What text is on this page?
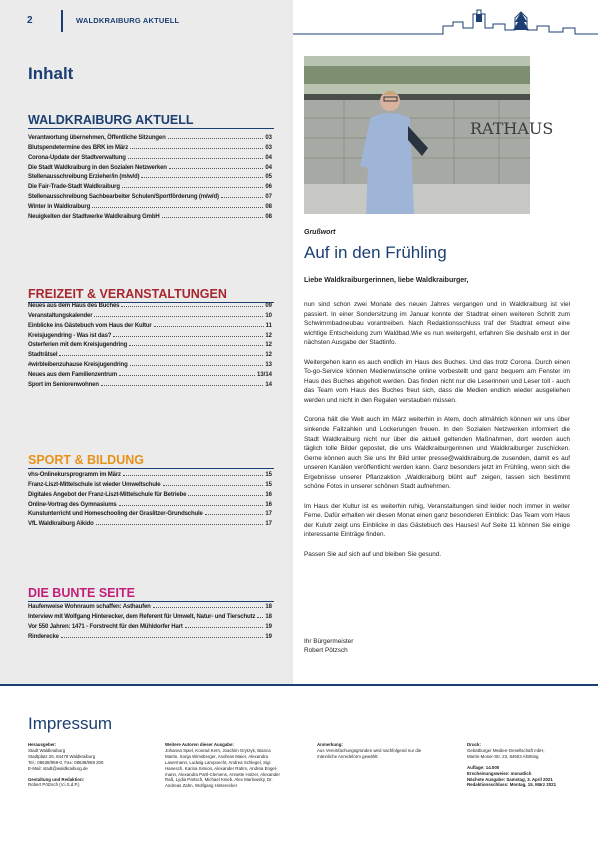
2	WALDKRAIBURG AKTUELL
Inhalt
WALDKRAIBURG AKTUELL
Verantwortung übernehmen, Öffentliche Sitzungen	03
Blutspendetermine des BRK im März	03
Corona-Update der Stadtverwaltung	04
Die Stadt Waldkraiburg in den Sozialen Netzwerken	04
Stellenausschreibung Erzieher/in (m/w/d)	05
Die Fair-Trade-Stadt Waldkraiburg	06
Stellenausschreibung Sachbearbeiter Schulen/Sportförderung (m/w/d)	07
Winter in Waldkraiburg	08
Neuigkeiten der Stadtwerke Waldkraiburg GmbH	08
FREIZEIT & VERANSTALTUNGEN
Neues aus dem Haus des Buches	09
Veranstaltungskalender	10
Einblicke ins Gästebuch vom Haus der Kultur	11
Kreisjugendring - Was ist das?	12
Osterferien mit dem Kreisjugendring	12
Stadträtsel	12
#wirbleibenzuhause Kreisjugendring	13
Neues aus dem Familienzentrum	13/14
Sport im Seniorenwohnen	14
SPORT & BILDUNG
vhs-Onlinekursprogramm im März	15
Franz-Liszt-Mittelschule ist wieder Umweltschule	15
Digitales Angebot der Franz-Liszt-Mittelschule für Betriebe	16
Online-Vortrag des Gymnasiums	16
Kunstunterricht und Homeschooling der Graslitzer-Grundschule	17
VfL Waldkraiburg Aikido	17
DIE BUNTE SEITE
Haufenweise Wohnraum schaffen: Asthaufen	18
Interview mit Wolfgang Hinterecker, dem Referent für Umwelt, Natur- und Tierschutz 18
Vor 550 Jahren: 1471 - Forstrecht für den Mühldorfer Hart	19
Rinderecke	19
RATHAUS
Grußwort
Auf in den Frühling
Liebe Waldkraiburgerinnen, liebe Waldkraiburger,

nun sind schon zwei Monate des neuen Jahres vergangen und in Waldkraiburg ist viel passiert. In einer Sondersitzung im Januar konnte der Stadtrat einen weiteren Schritt zum Schwimmbadneubau vorantreiben. Nach Redaktionsschluss traf der Stadtrat erneut eine wichtige Entscheidung zum Waldbad.Wie es nun weitergeht, erfahren Sie deshalb erst in der nächsten Ausgabe der Stadtinfo.

Weitergehen kann es auch endlich im Haus des Buches. Und das trotz Corona. Durch einen To-go-Service können Medienwünsche online vorbestellt und ganz bequem am Fenster im Haus des Buches abgeholt werden. Das finden nicht nur die Leserinnen und Leser toll - auch das Team vom Haus des Buches freut sich, dass die Medien endlich wieder ausgeliehen werden und nicht in den Regalen verstauben müssen.

Corona hält die Welt auch im März weiterhin in Atem, doch allmählich können wir uns über sinkende Fallzahlen und Lockerungen freuen. In den Sozialen Netzwerken informiert die Stadt Waldkraiburg nicht nur über die aktuell geltenden Maßnahmen, dort werden auch täglich tolle Bilder gepostet, die uns Waldkraiburgerinnen und Waldkraiburger zuschicken. Gerne können auch Sie uns Ihr Bild unter presse@waldkraiburg.de zusenden, damit es auf unseren Kanälen veröffentlicht werden kann. Ganz besonders jetzt im Frühling, wenn sich die Ergebnisse unserer Pflanzaktion „Waldkraiburg blüht auf“ zeigen, lassen sich bestimmt schöne Fotos in unserer schönen Stadt aufnehmen.

Im Haus der Kultur ist es weiterhin ruhig, Veranstaltungen sind leider noch immer in weiter Ferne. Dafür erhalten wir diesen Monat einen ganz besonderen Einblick: Das Team vom Haus der Kulutr zeigt uns Einblicke in das Gästebuch des Hauses! Auf Seite 11 können Sie einige interessante Einträge finden.

Passen Sie auf sich auf und bleiben Sie gesund.

Ihr Bürgermeister
Robert Pötzsch
Impressum
Herausgeber:
Stadt Waldkraiburg
Stadtplatz 26, 84478 Waldkraiburg
Tel.: 08638/959-0, Fax: 08638/959 200
E-Mail: stadt@waldkraiburg.de
Gestaltung und Redaktion:
Robert Pötzsch (V.i.S.d.P.)
Weitere Autoren dieser Ausgabe:
Johanna Spiel, Konrad Kern, Joachim Grytzyk, Bianca
Martin, Sonja Wimsberger, Andreas Maier, Alexandra
Lasermann, Ludwig Lampoecht, Andrea Schlegel, Sigi
Hanesch, Karina Simion, Alexander Rahm, Andrea Engel-
mann, Alexandra Partl-Clemens, Annette Holzer, Alexander
Raß, Lydia Partsch, Michael Knieb, Alex Marlowsky, Dr.
Andreas Zahn, Wolfgang Hinterecker
Anmerkung:
Aus Vereinfachungsgründen wird nachfolgend nur die
männliche Anredeform gewählt.
Druck:
Gebatburger Medien-Gesellschaft mbH,
Martin-Moser-Str. 23, 84503 Altötting
Auflage: 14.000
Erscheinungsweise: monatlich
Nächste Ausgabe: Samstag, 3. April 2021
Redaktionsschluss: Montag, 15. März 2021
